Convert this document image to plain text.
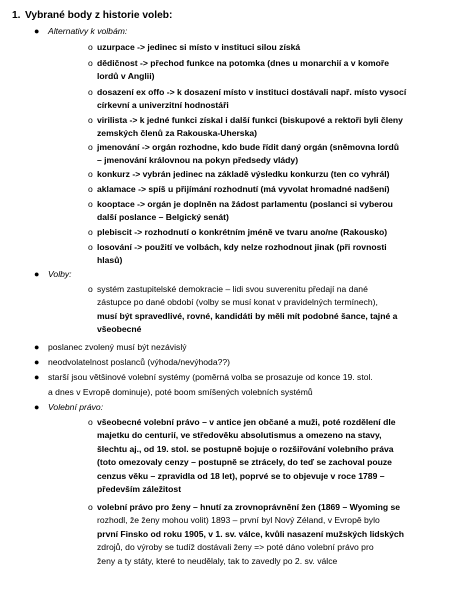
1. Vybrané body z historie voleb:
● Alternativy k volbám:
o uzurpace -> jedinec si místo v instituci silou získá
o dědičnost -> přechod funkce na potomka (dnes u monarchií a v komoře
lordů v Anglii)
o dosazení ex offo -> k dosazení místo v instituci dostávali např. místo vysocí
církevní a univerzitní hodnostáři
o virilista -> k jedné funkci získal i další funkci (biskupové a rektoři byli členy
zemských členů za Rakouska-Uherska)
o jmenování -> orgán rozhodne, kdo bude řídit daný orgán (sněmovna lordů
– jmenování královnou na pokyn předsedy vlády)
o konkurz -> vybrán jedinec na základě výsledku konkurzu (ten co vyhrál)
o aklamace -> spíš u přijímání rozhodnutí (má vyvolat hromadné nadšení)
o kooptace -> orgán je doplněn na žádost parlamentu (poslanci si vyberou
další poslance – Belgický senát)
o plebiscit -> rozhodnutí o konkrétním jméně ve tvaru ano/ne (Rakousko)
o losování -> použití ve volbách, kdy nelze rozhodnout jinak (při rovnosti
hlasů)
● Volby:
o systém zastupitelské demokracie – lidi svou suverenitu předají na dané
zástupce po dané období (volby se musí konat v pravidelných termínech),
musí být spravedlivé, rovné, kandidáti by měli mít podobné šance, tajné a
všeobecné
● poslanec zvolený musí být nezávislý
● neodvolatelnost poslanců (výhoda/nevýhoda??)
● starší jsou většinové volební systémy (poměrná volba se prosazuje od konce 19. stol.
a dnes v Evropě dominuje), poté boom smíšených volebních systémů
● Volební právo:
o všeobecné volební právo – v antice jen občané a muži, poté rozdělení dle
majetku do centurií, ve středověku absolutismus a omezeno na stavy,
šlechtu aj., od 19. stol. se postupně bojuje o rozšiřování volebního práva
(toto omezovaly cenzy – postupně se ztrácely, do teď se zachoval pouze
cenzus věku – zpravidla od 18 let), poprvé se to objevuje v roce 1789 –
především záležitost
o volební právo pro ženy – hnutí za zrovnoprávnění žen (1869 – Wyoming se
rozhodl, že ženy mohou volit) 1893 – první byl Nový Zéland, v Evropě bylo
první Finsko od roku 1905, v 1. sv. válce, kvůli nasazení mužských lidských
zdrojů, do výroby se tudíž dostávali ženy => poté dáno volební právo pro
ženy a ty státy, které to neudělaly, tak to zavedly po 2. sv. válce
